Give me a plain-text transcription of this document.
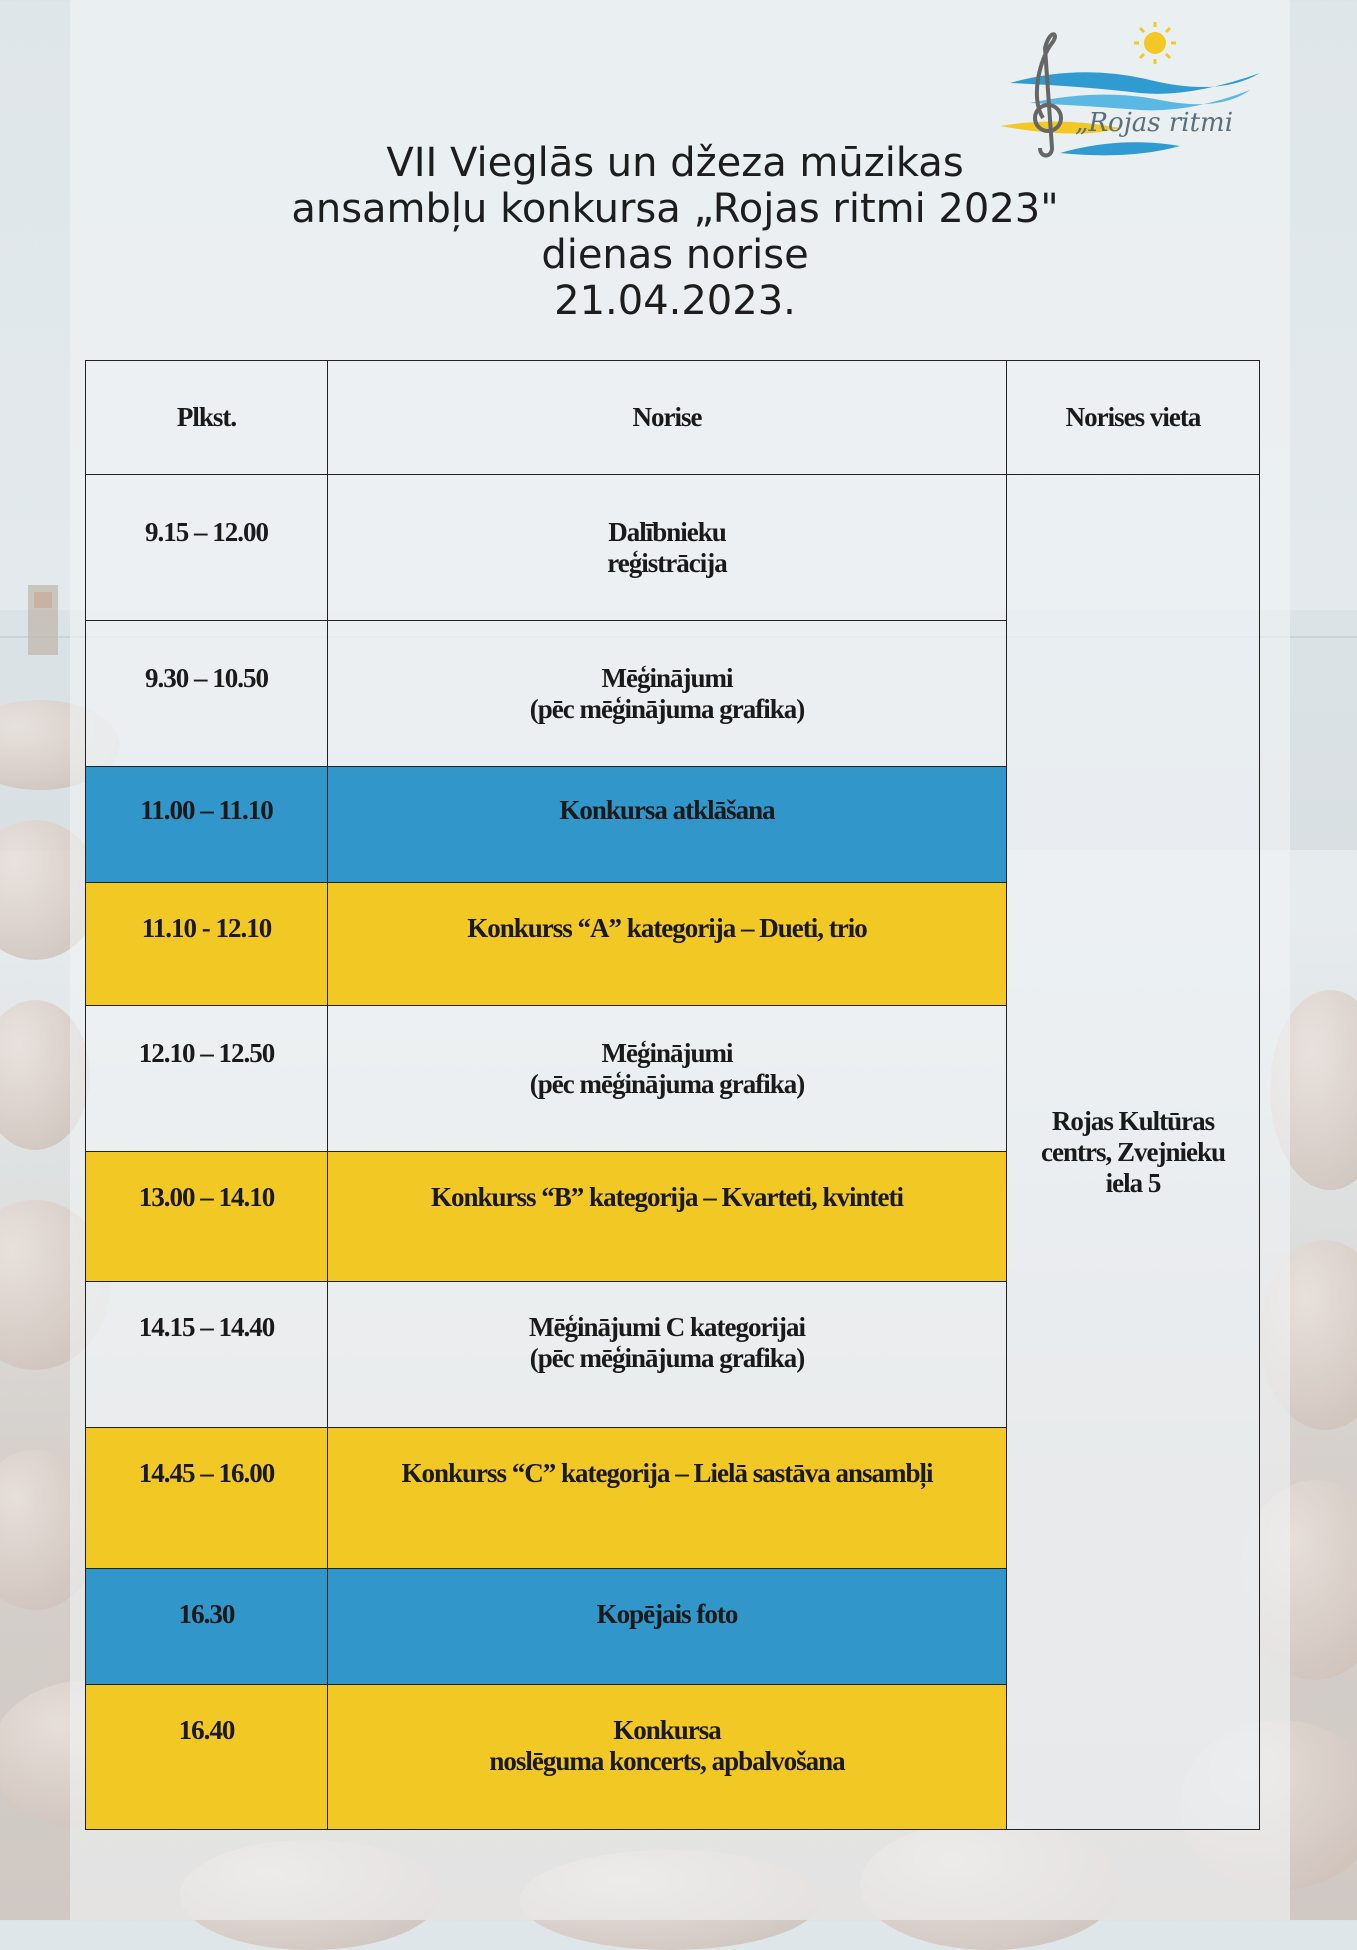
„Rojas ritmi
VII Vieglās un džeza mūzikas
ansambļu konkursa „Rojas ritmi 2023"
dienas norise
21.04.2023.
Plkst.	Norise	Norises vieta
Rojas Kultūras centrs, Zvejnieku iela 5
9.15 – 12.00	Dalībnieku
reģistrācija
9.30 – 10.50	Mēģinājumi
(pēc mēģinājuma grafika)
11.00 – 11.10	Konkursa atklāšana
11.10 - 12.10	Konkurss “A” kategorija – Dueti, trio
12.10 – 12.50	Mēģinājumi
(pēc mēģinājuma grafika)
13.00 – 14.10	Konkurss “B” kategorija – Kvarteti, kvinteti
14.15 – 14.40	Mēģinājumi C kategorijai
(pēc mēģinājuma grafika)
14.45 – 16.00	Konkurss “C” kategorija – Lielā sastāva ansambļi
16.30	Kopējais foto
16.40	Konkursa
noslēguma koncerts, apbalvošana
